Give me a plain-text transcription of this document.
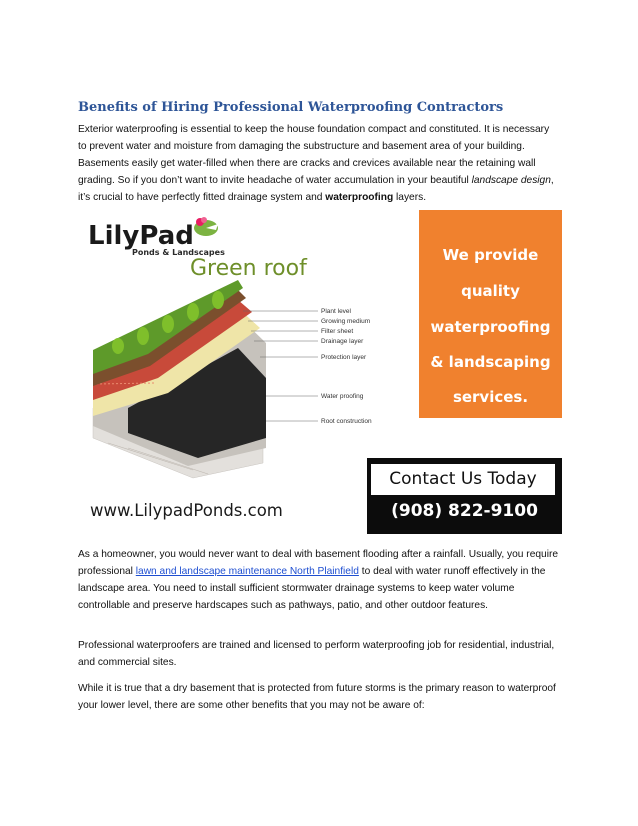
Benefits of Hiring Professional Waterproofing Contractors

Exterior waterproofing is essential to keep the house foundation compact and constituted. It is necessary to prevent water and moisture from damaging the substructure and basement area of your building. Basements easily get water-filled when there are cracks and crevices available near the retaining wall grading. So if you don’t want to invite headache of water accumulation in your beautiful landscape design, it’s crucial to have perfectly fitted drainage system and waterproofing layers.

LilyPad
Ponds & Landscapes
Green roof
Plant level
Growing medium
Filter sheet
Drainage layer
Protection layer
Water proofing
Root construction
We provide
quality
waterproofing
& landscaping
services.
Contact Us Today
(908) 822-9100
www.LilypadPonds.com

As a homeowner, you would never want to deal with basement flooding after a rainfall. Usually, you require professional lawn and landscape maintenance North Plainfield to deal with water runoff effectively in the landscape area. You need to install sufficient stormwater drainage systems to keep water volume controllable and preserve hardscapes such as pathways, patio, and other outdoor features.

Professional waterproofers are trained and licensed to perform waterproofing job for residential, industrial, and commercial sites.

While it is true that a dry basement that is protected from future storms is the primary reason to waterproof your lower level, there are some other benefits that you may not be aware of:
